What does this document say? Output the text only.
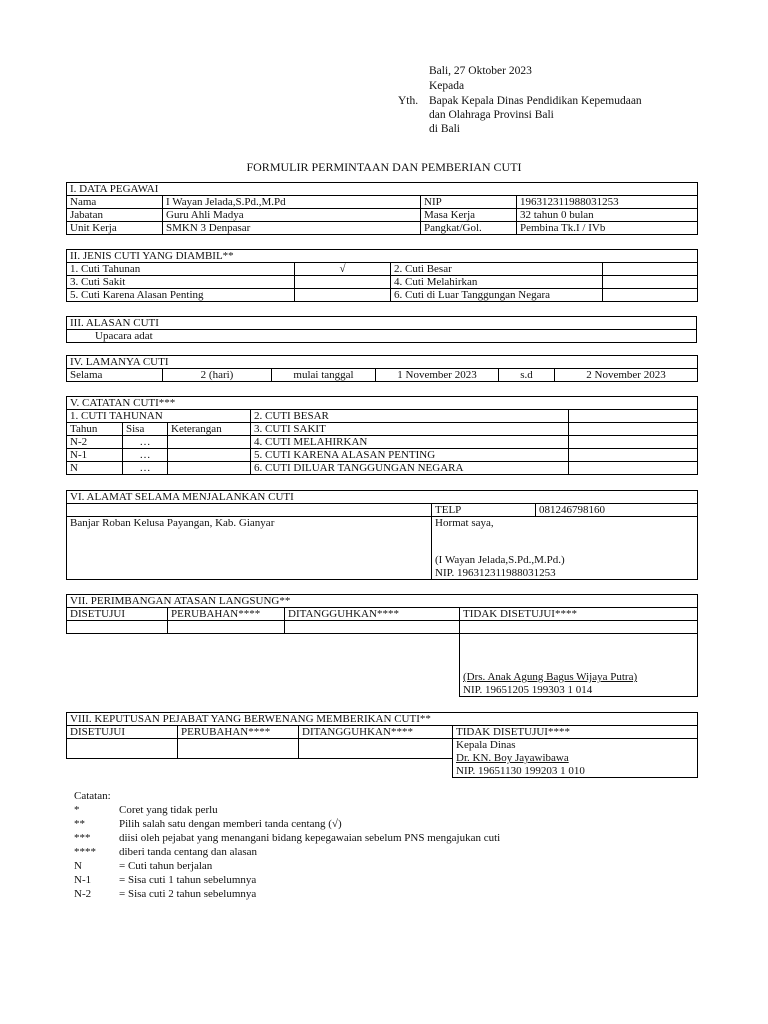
Bali, 27 Oktober 2023
Kepada
Yth. Bapak Kepala Dinas Pendidikan Kepemudaan
dan Olahraga Provinsi Bali
di Bali
FORMULIR PERMINTAAN DAN PEMBERIAN CUTI
I. DATA PEGAWAI			
Nama	I Wayan Jelada,S.Pd.,M.Pd	NIP	196312311988031253
Jabatan	Guru Ahli Madya	Masa Kerja	32 tahun 0 bulan
Unit Kerja	SMKN 3 Denpasar	Pangkat/Gol.	Pembina Tk.I / IVb
II. JENIS CUTI YANG DIAMBIL**			
1. Cuti Tahunan	√	2. Cuti Besar	
3. Cuti Sakit		4. Cuti Melahirkan	
5. Cuti Karena Alasan Penting		6. Cuti di Luar Tanggungan Negara	
III. ALASAN CUTI
Upacara adat
IV. LAMANYA CUTI
Selama	2 (hari)	mulai tanggal	1 November 2023	s.d	2 November 2023
V. CATATAN CUTI***				
1. CUTI TAHUNAN			2. CUTI BESAR	
Tahun	Sisa	Keterangan	3. CUTI SAKIT	
N-2	…		4. CUTI MELAHIRKAN	
N-1	…		5. CUTI KARENA ALASAN PENTING	
N	…		6. CUTI DILUAR TANGGUNGAN NEGARA	
VI. ALAMAT SELAMA MENJALANKAN CUTI		
	TELP	081246798160
Banjar Roban Kelusa Payangan, Kab. Gianyar	Hormat saya,
(I Wayan Jelada,S.Pd.,M.Pd.)
NIP. 196312311988031253	
VII. PERIMBANGAN ATASAN LANGSUNG**			
DISETUJUI	PERUBAHAN****	DITANGGUHKAN****	TIDAK DISETUJUI****

			(Drs. Anak Agung Bagus Wijaya Putra)
NIP. 19651205 199303 1 014
VIII. KEPUTUSAN PEJABAT YANG BERWENANG MEMBERIKAN CUTI**			
DISETUJUI	PERUBAHAN****	DITANGGUHKAN****	TIDAK DISETUJUI****

			Kepala Dinas
Dr. KN. Boy Jayawibawa
NIP. 19651130 199203 1 010

Catatan:
*	Coret yang tidak perlu
**	Pilih salah satu dengan memberi tanda centang (√)
***	diisi oleh pejabat yang menangani bidang kepegawaian sebelum PNS mengajukan cuti
**** diberi tanda centang dan alasan
N	= Cuti tahun berjalan
N-1	= Sisa cuti 1 tahun sebelumnya
N-2	= Sisa cuti 2 tahun sebelumnya
